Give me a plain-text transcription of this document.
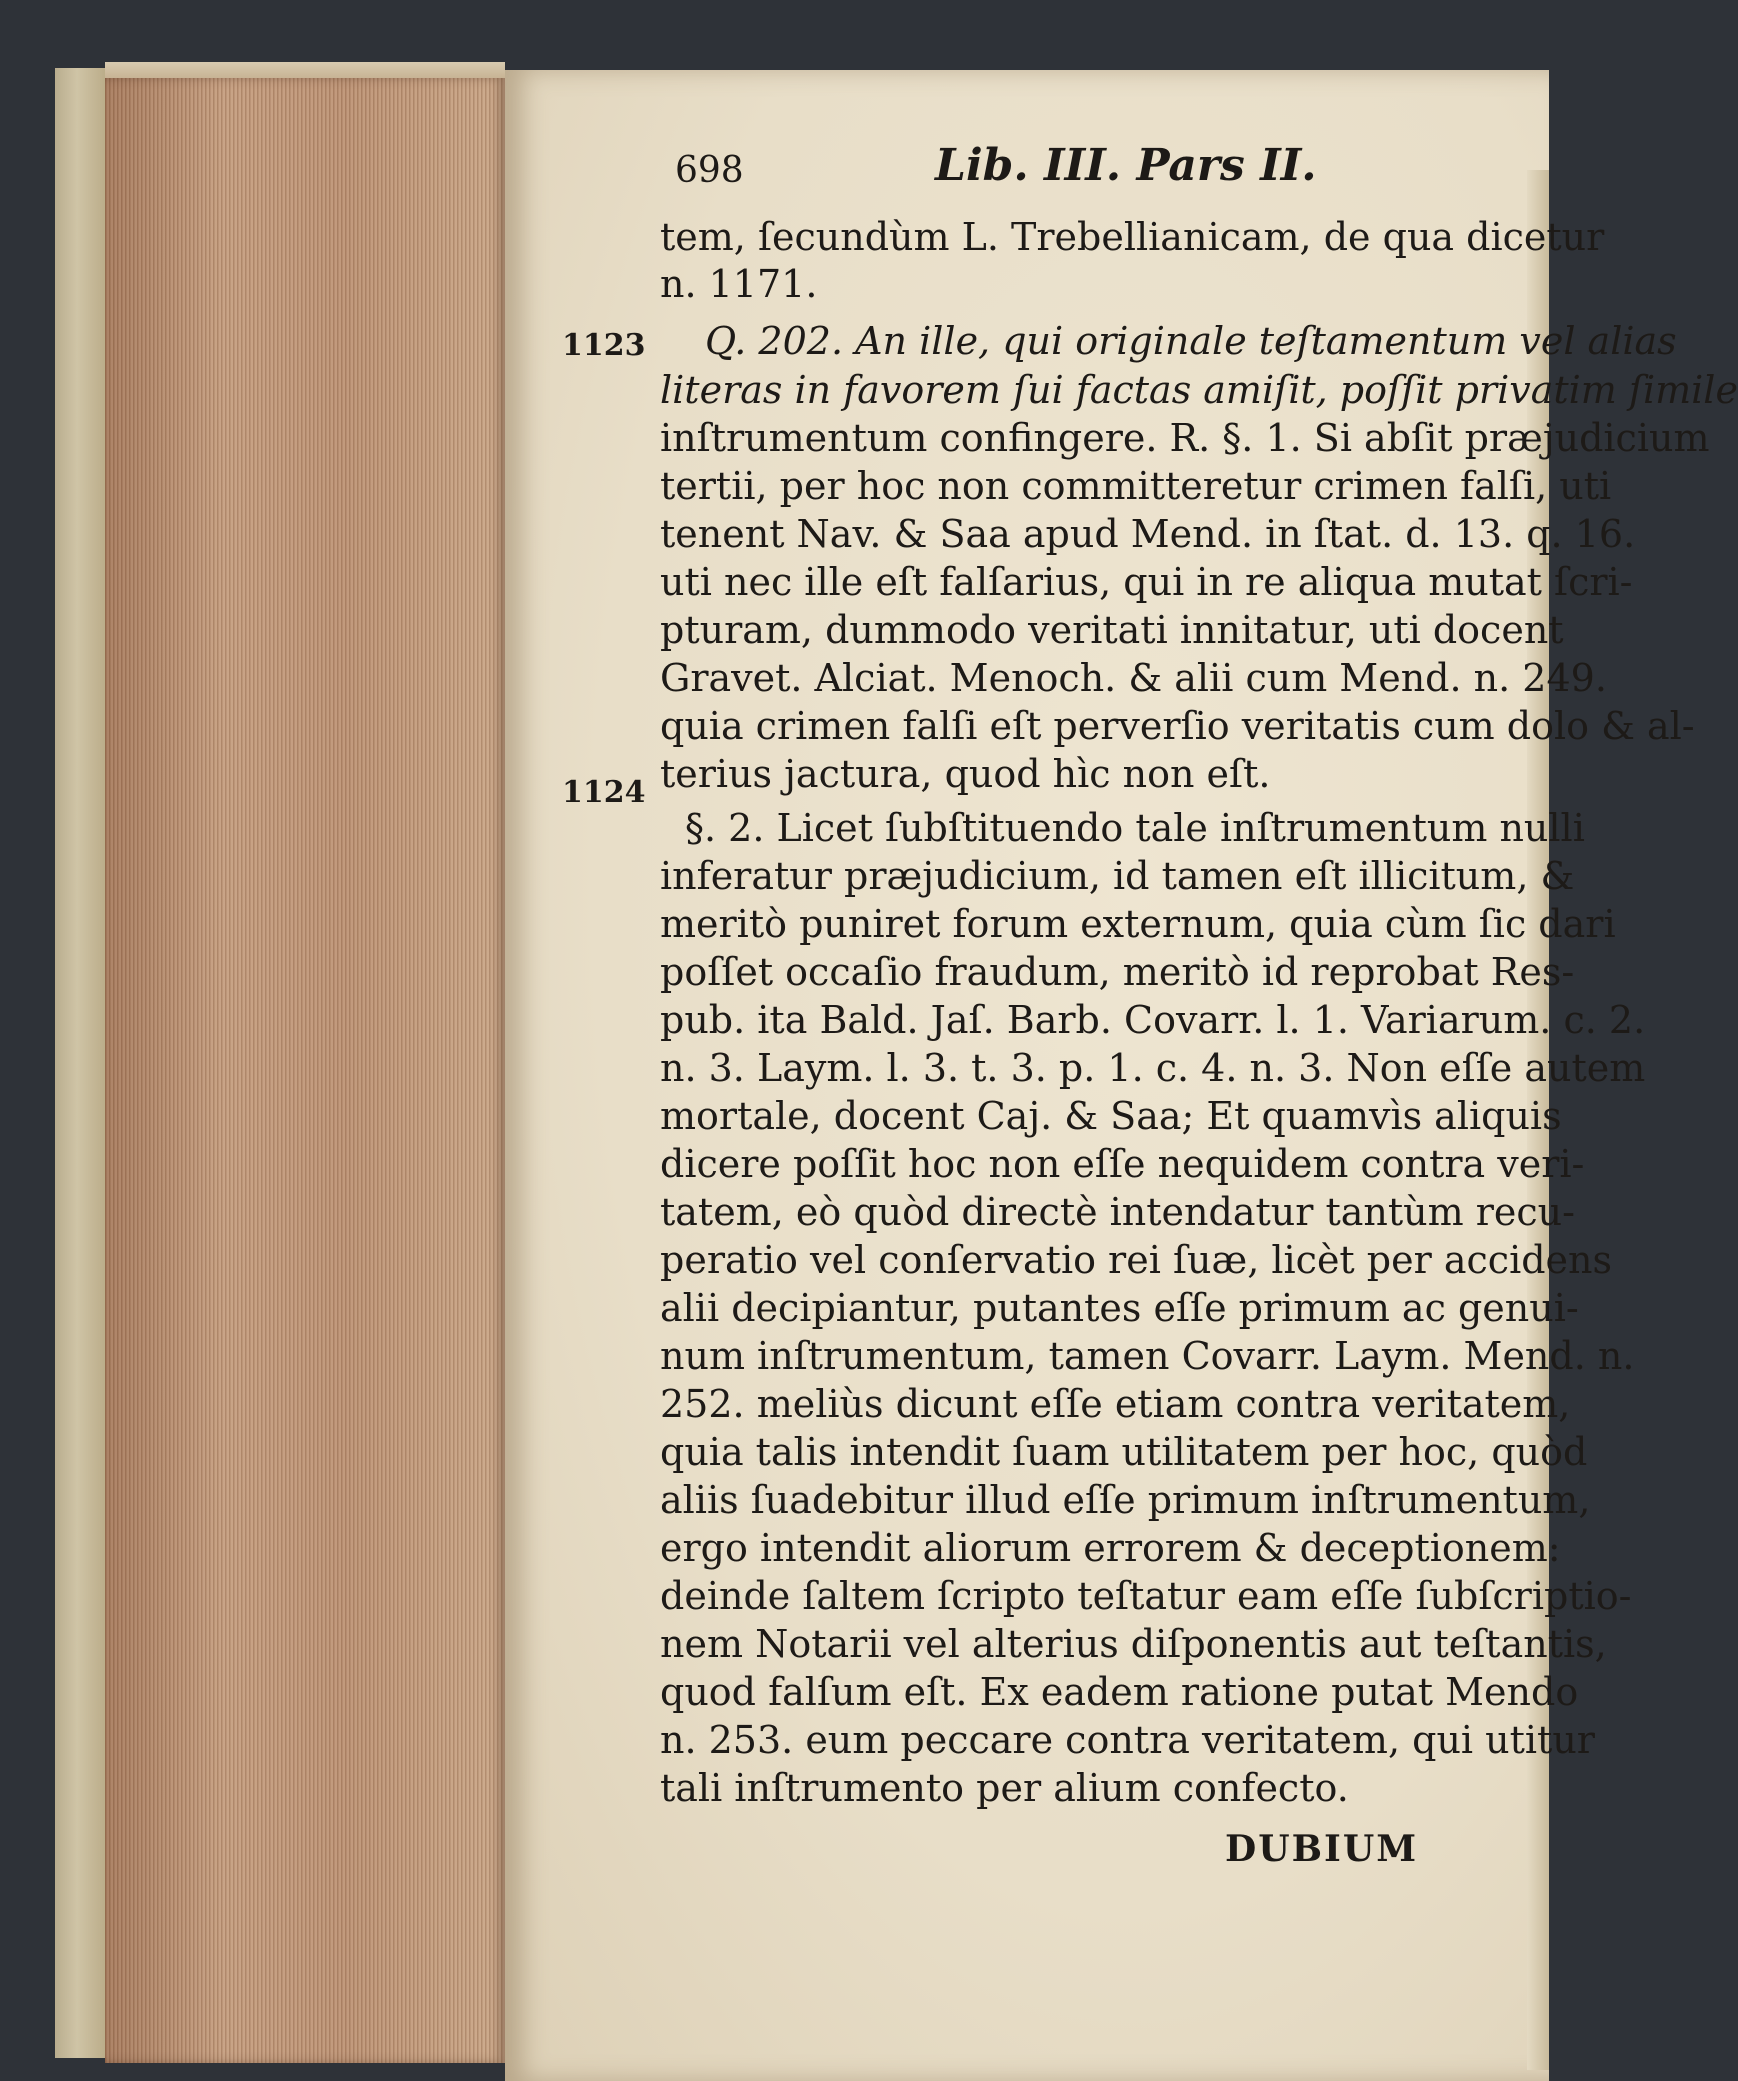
698	Lib. III. Pars II.
1123
1124
tem, ſecundùm L. Trebellianicam, de qua dicetur
n. 1171.
Q. 202. An ille, qui originale teſtamentum vel alias
literas in favorem ſui factas amiſit, poſſit privatim ſimile
inſtrumentum confingere. R. §. 1. Si abſit præjudicium
tertii, per hoc non committeretur crimen falſi, uti
tenent Nav. & Saa apud Mend. in ſtat. d. 13. q. 16.
uti nec ille eſt falſarius, qui in re aliqua mutat ſcri-
pturam, dummodo veritati innitatur, uti docent
Gravet. Alciat. Menoch. & alii cum Mend. n. 249.
quia crimen falſi eſt perverſio veritatis cum dolo & al-
terius jactura, quod hìc non eſt.
§. 2. Licet ſubſtituendo tale inſtrumentum nulli
inferatur præjudicium, id tamen eſt illicitum, &
meritò puniret forum externum, quia cùm ſic dari
poſſet occaſio fraudum, meritò id reprobat Res-
pub. ita Bald. Jaſ. Barb. Covarr. l. 1. Variarum. c. 2.
n. 3. Laym. l. 3. t. 3. p. 1. c. 4. n. 3. Non eſſe autem
mortale, docent Caj. & Saa; Et quamvìs aliquis
dicere poſſit hoc non eſſe nequidem contra veri-
tatem, eò quòd directè intendatur tantùm recu-
peratio vel conſervatio rei ſuæ, licèt per accidens
alii decipiantur, putantes eſſe primum ac genui-
num inſtrumentum, tamen Covarr. Laym. Mend. n.
252. meliùs dicunt eſſe etiam contra veritatem,
quia talis intendit ſuam utilitatem per hoc, quòd
aliis ſuadebitur illud eſſe primum inſtrumentum,
ergo intendit aliorum errorem & deceptionem:
deinde ſaltem ſcripto teſtatur eam eſſe ſubſcriptio-
nem Notarii vel alterius diſponentis aut teſtantis,
quod falſum eſt. Ex eadem ratione putat Mendo
n. 253. eum peccare contra veritatem, qui utitur
tali inſtrumento per alium confecto.
DUBIUM
